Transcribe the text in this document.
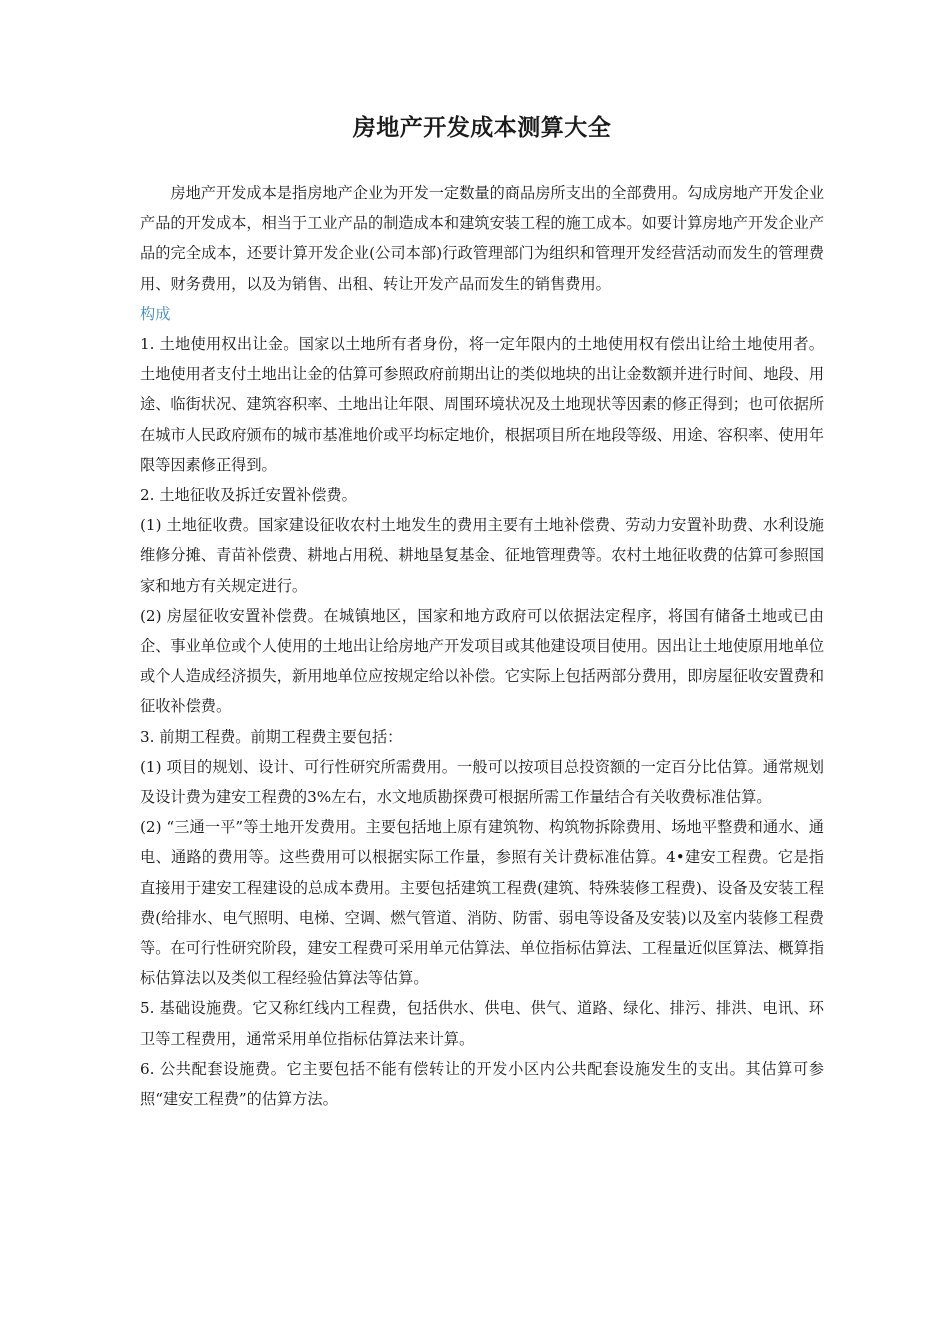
房地产开发成本测算大全

房地产开发成本是指房地产企业为开发一定数量的商品房所支出的全部费用。勾成房地产开发企业产品的开发成本，相当于工业产品的制造成本和建筑安装工程的施工成本。如要计算房地产开发企业产品的完全成本，还要计算开发企业(公司本部)行政管理部门为组织和管理开发经营活动而发生的管理费用、财务费用，以及为销售、出租、转让开发产品而发生的销售费用。

构成

1. 土地使用权出让金。国家以土地所有者身份，将一定年限内的土地使用权有偿出让给土地使用者。土地使用者支付土地出让金的估算可参照政府前期出让的类似地块的出让金数额并进行时间、地段、用途、临街状况、建筑容积率、土地出让年限、周围环境状况及土地现状等因素的修正得到；也可依据所在城市人民政府颁布的城市基准地价或平均标定地价，根据项目所在地段等级、用途、容积率、使用年限等因素修正得到。

2. 土地征收及拆迁安置补偿费。

(1) 土地征收费。国家建设征收农村土地发生的费用主要有土地补偿费、劳动力安置补助费、水利设施维修分摊、青苗补偿费、耕地占用税、耕地垦复基金、征地管理费等。农村土地征收费的估算可参照国家和地方有关规定进行。

(2) 房屋征收安置补偿费。在城镇地区，国家和地方政府可以依据法定程序，将国有储备土地或已由企、事业单位或个人使用的土地出让给房地产开发项目或其他建设项目使用。因出让土地使原用地单位或个人造成经济损失，新用地单位应按规定给以补偿。它实际上包括两部分费用，即房屋征收安置费和征收补偿费。

3. 前期工程费。前期工程费主要包括：

(1) 项目的规划、设计、可行性研究所需费用。一般可以按项目总投资额的一定百分比估算。通常规划及设计费为建安工程费的3%左右，水文地质勘探费可根据所需工作量结合有关收费标准估算。

(2) “三通一平”等土地开发费用。主要包括地上原有建筑物、构筑物拆除费用、场地平整费和通水、通电、通路的费用等。这些费用可以根据实际工作量，参照有关计费标准估算。4•建安工程费。它是指直接用于建安工程建设的总成本费用。主要包括建筑工程费(建筑、特殊装修工程费)、设备及安装工程费(给排水、电气照明、电梯、空调、燃气管道、消防、防雷、弱电等设备及安装)以及室内装修工程费等。在可行性研究阶段，建安工程费可采用单元估算法、单位指标估算法、工程量近似匡算法、概算指标估算法以及类似工程经验估算法等估算。

5. 基础设施费。它又称红线内工程费，包括供水、供电、供气、道路、绿化、排污、排洪、电讯、环卫等工程费用，通常采用单位指标估算法来计算。

6. 公共配套设施费。它主要包括不能有偿转让的开发小区内公共配套设施发生的支出。其估算可参照“建安工程费”的估算方法。
